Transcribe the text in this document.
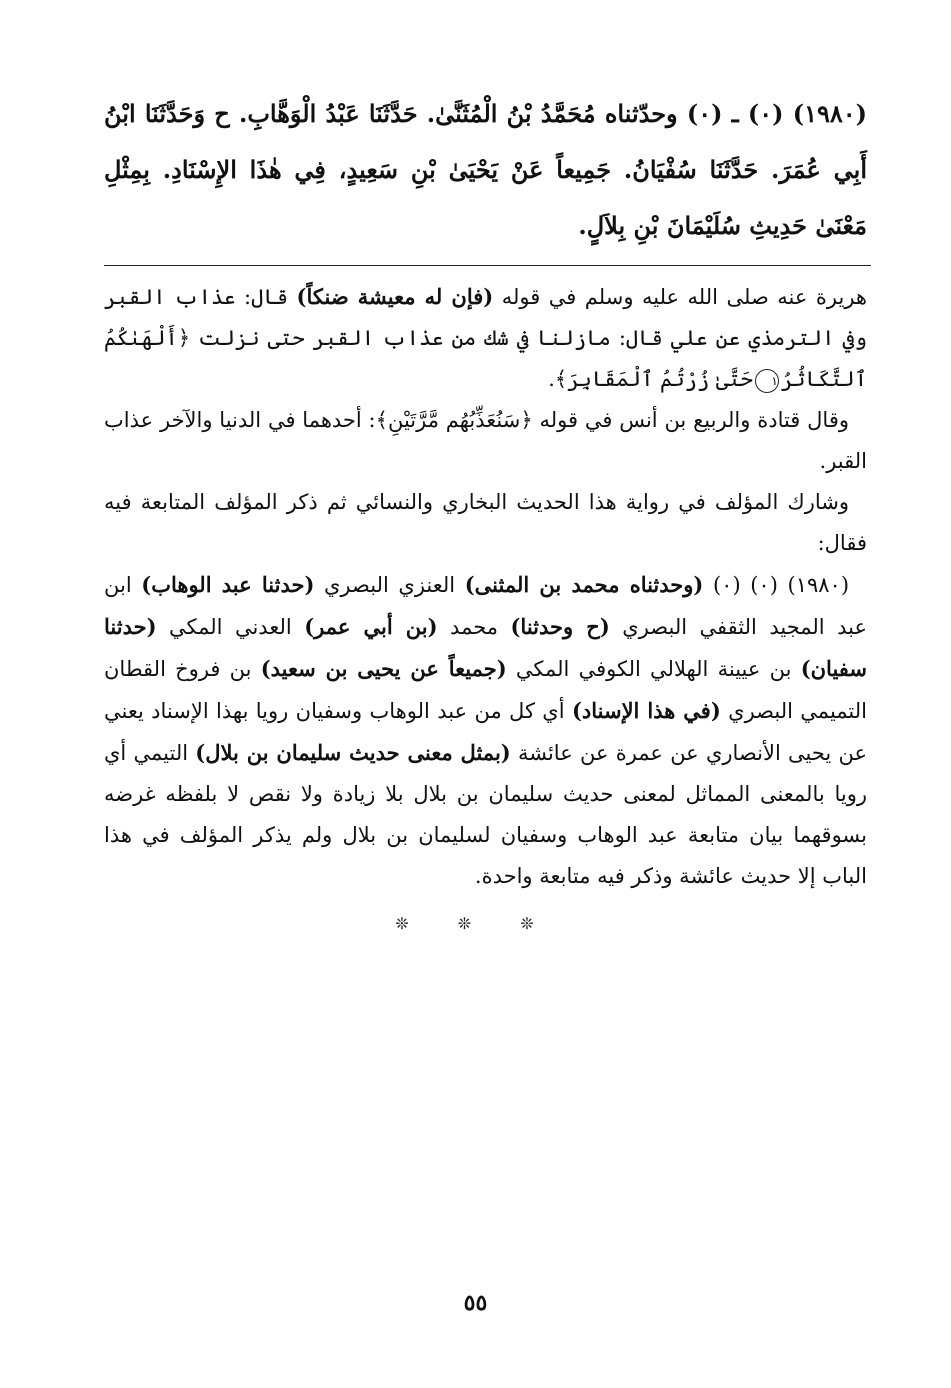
(١٩٨٠) (٠) ـ (٠) وحدّثناه مُحَمَّدُ بْنُ الْمُثَنَّىٰ. حَدَّثَنَا عَبْدُ الْوَهَّابِ. ح وَحَدَّثَنَا ابْنُ أَبِي عُمَرَ. حَدَّثَنَا سُفْيَانُ. جَمِيعاً عَنْ يَحْيَىٰ بْنِ سَعِيدٍ، فِي هٰذَا الإِسْنَادِ. بِمِثْلِ مَعْنَىٰ حَدِيثِ سُلَيْمَانَ بْنِ بِلاَلٍ.

هريرة عنه صلى الله عليه وسلم في قوله (فإن له معيشة ضنكاً) قال: عذاب القبر وفي الترمذي عن علي قال: مازلنا في شك من عذاب القبر حتى نزلت ﴿أَلْهَىٰكُمُ ٱلتَّكَاثُرُ١حَتَّىٰ زُرْتُمُ ٱلْمَقَابِرَ﴾.

وقال قتادة والربيع بن أنس في قوله ﴿سَنُعَذِّبُهُم مَّرَّتَيْنِ﴾: أحدهما في الدنيا والآخر عذاب القبر.

وشارك المؤلف في رواية هذا الحديث البخاري والنسائي ثم ذكر المؤلف المتابعة فيه فقال:

(١٩٨٠) (٠) (٠) (وحدثناه محمد بن المثنى) العنزي البصري (حدثنا عبد الوهاب) ابن عبد المجيد الثقفي البصري (ح وحدثنا) محمد (بن أبي عمر) العدني المكي (حدثنا سفيان) بن عيينة الهلالي الكوفي المكي (جميعاً عن يحيى بن سعيد) بن فروخ القطان التميمي البصري (في هذا الإسناد) أي كل من عبد الوهاب وسفيان رويا بهذا الإسناد يعني عن يحيى الأنصاري عن عمرة عن عائشة (بمثل معنى حديث سليمان بن بلال) التيمي أي رويا بالمعنى المماثل لمعنى حديث سليمان بن بلال بلا زيادة ولا نقص لا بلفظه غرضه بسوقهما بيان متابعة عبد الوهاب وسفيان لسليمان بن بلال ولم يذكر المؤلف في هذا الباب إلا حديث عائشة وذكر فيه متابعة واحدة.

❊ ❊ ❊
٥٥
